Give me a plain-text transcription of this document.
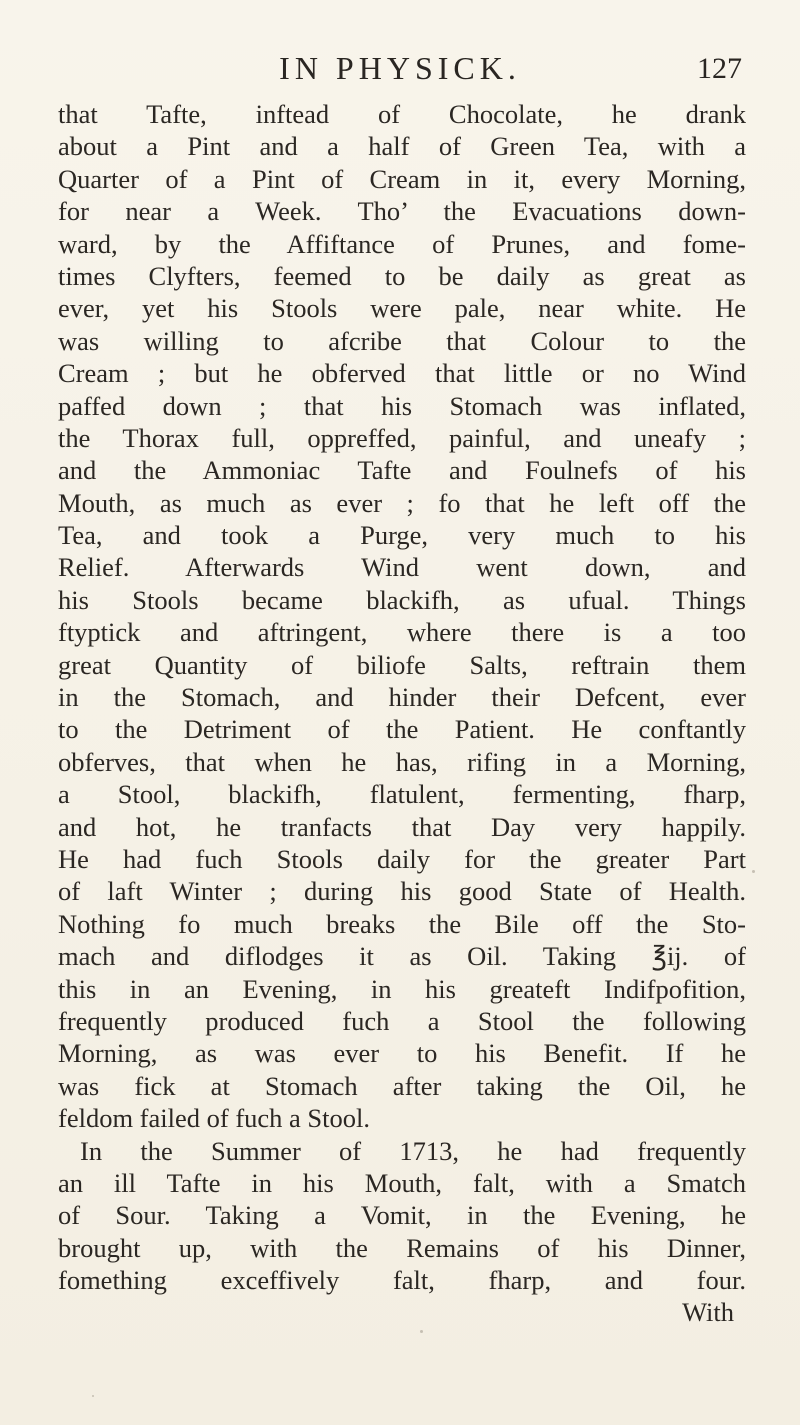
IN PHYSICK.	127
that Tafte, inftead of Chocolate, he drank
about a Pint and a half of Green Tea, with a
Quarter of a Pint of Cream in it, every Morning,
for near a Week. Tho’ the Evacuations down-
ward, by the Affiftance of Prunes, and fome-
times Clyfters, feemed to be daily as great as
ever, yet his Stools were pale, near white. He
was willing to afcribe that Colour to the
Cream ; but he obferved that little or no Wind
paffed down ; that his Stomach was inflated,
the Thorax full, oppreffed, painful, and uneafy ;
and the Ammoniac Tafte and Foulnefs of his
Mouth, as much as ever ; fo that he left off the
Tea, and took a Purge, very much to his
Relief. Afterwards Wind went down, and
his Stools became blackifh, as ufual. Things
ftyptick and aftringent, where there is a too
great Quantity of biliofe Salts, reftrain them
in the Stomach, and hinder their Defcent, ever
to the Detriment of the Patient. He conftantly
obferves, that when he has, rifing in a Morning,
a Stool, blackifh, flatulent, fermenting, fharp,
and hot, he tranfacts that Day very happily.
He had fuch Stools daily for the greater Part
of laft Winter ; during his good State of Health.
Nothing fo much breaks the Bile off the Sto-
mach and diflodges it as Oil. Taking ℥ij. of
this in an Evening, in his greateft Indifpofition,
frequently produced fuch a Stool the following
Morning, as was ever to his Benefit. If he
was fick at Stomach after taking the Oil, he
feldom failed of fuch a Stool.
In the Summer of 1713, he had frequently
an ill Tafte in his Mouth, falt, with a Smatch
of Sour. Taking a Vomit, in the Evening, he
brought up, with the Remains of his Dinner,
fomething exceffively falt, fharp, and four.
With
